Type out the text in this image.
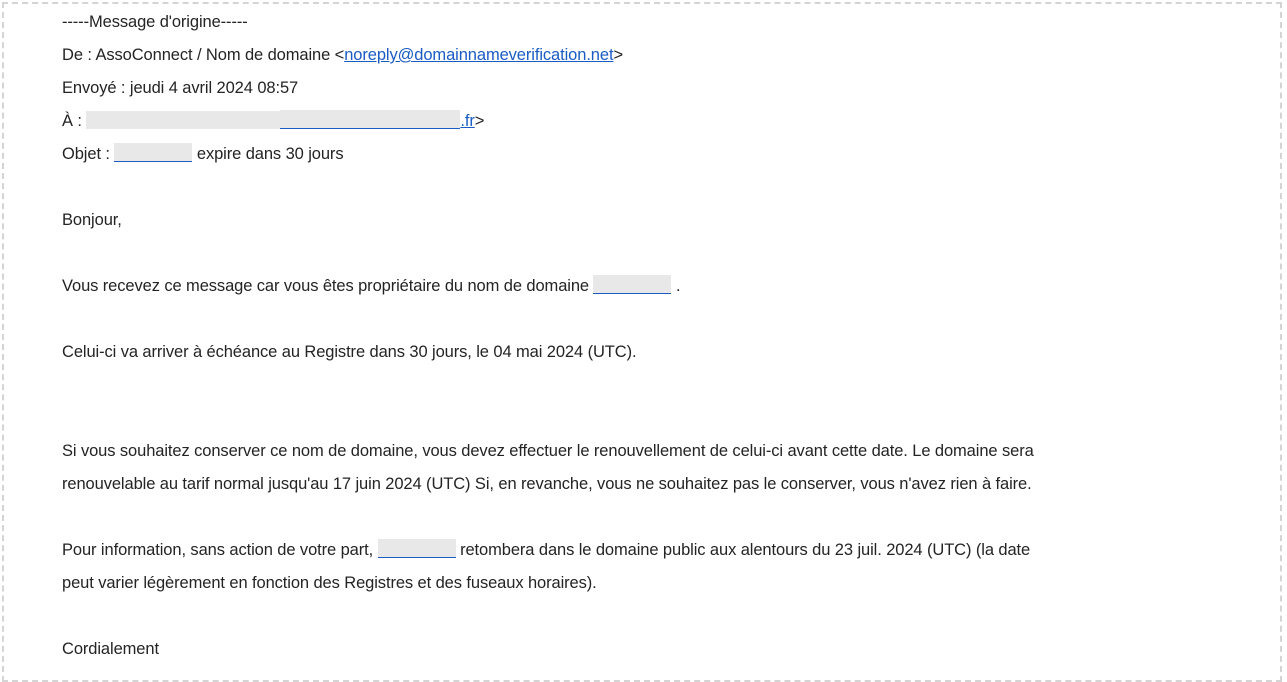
-----Message d'origine-----
De : AssoConnect / Nom de domaine <noreply@domainnameverification.net>
Envoyé : jeudi 4 avril 2024 08:57
À :	.fr>
Objet :	expire dans 30 jours
Bonjour,
Vous recevez ce message car vous êtes propriétaire du nom de domaine	.
Celui-ci va arriver à échéance au Registre dans 30 jours, le 04 mai 2024 (UTC).
Si vous souhaitez conserver ce nom de domaine, vous devez effectuer le renouvellement de celui-ci avant cette date. Le domaine sera
renouvelable au tarif normal jusqu'au 17 juin 2024 (UTC) Si, en revanche, vous ne souhaitez pas le conserver, vous n'avez rien à faire.
Pour information, sans action de votre part,	retombera dans le domaine public aux alentours du 23 juil. 2024 (UTC) (la date
peut varier légèrement en fonction des Registres et des fuseaux horaires).
Cordialement
